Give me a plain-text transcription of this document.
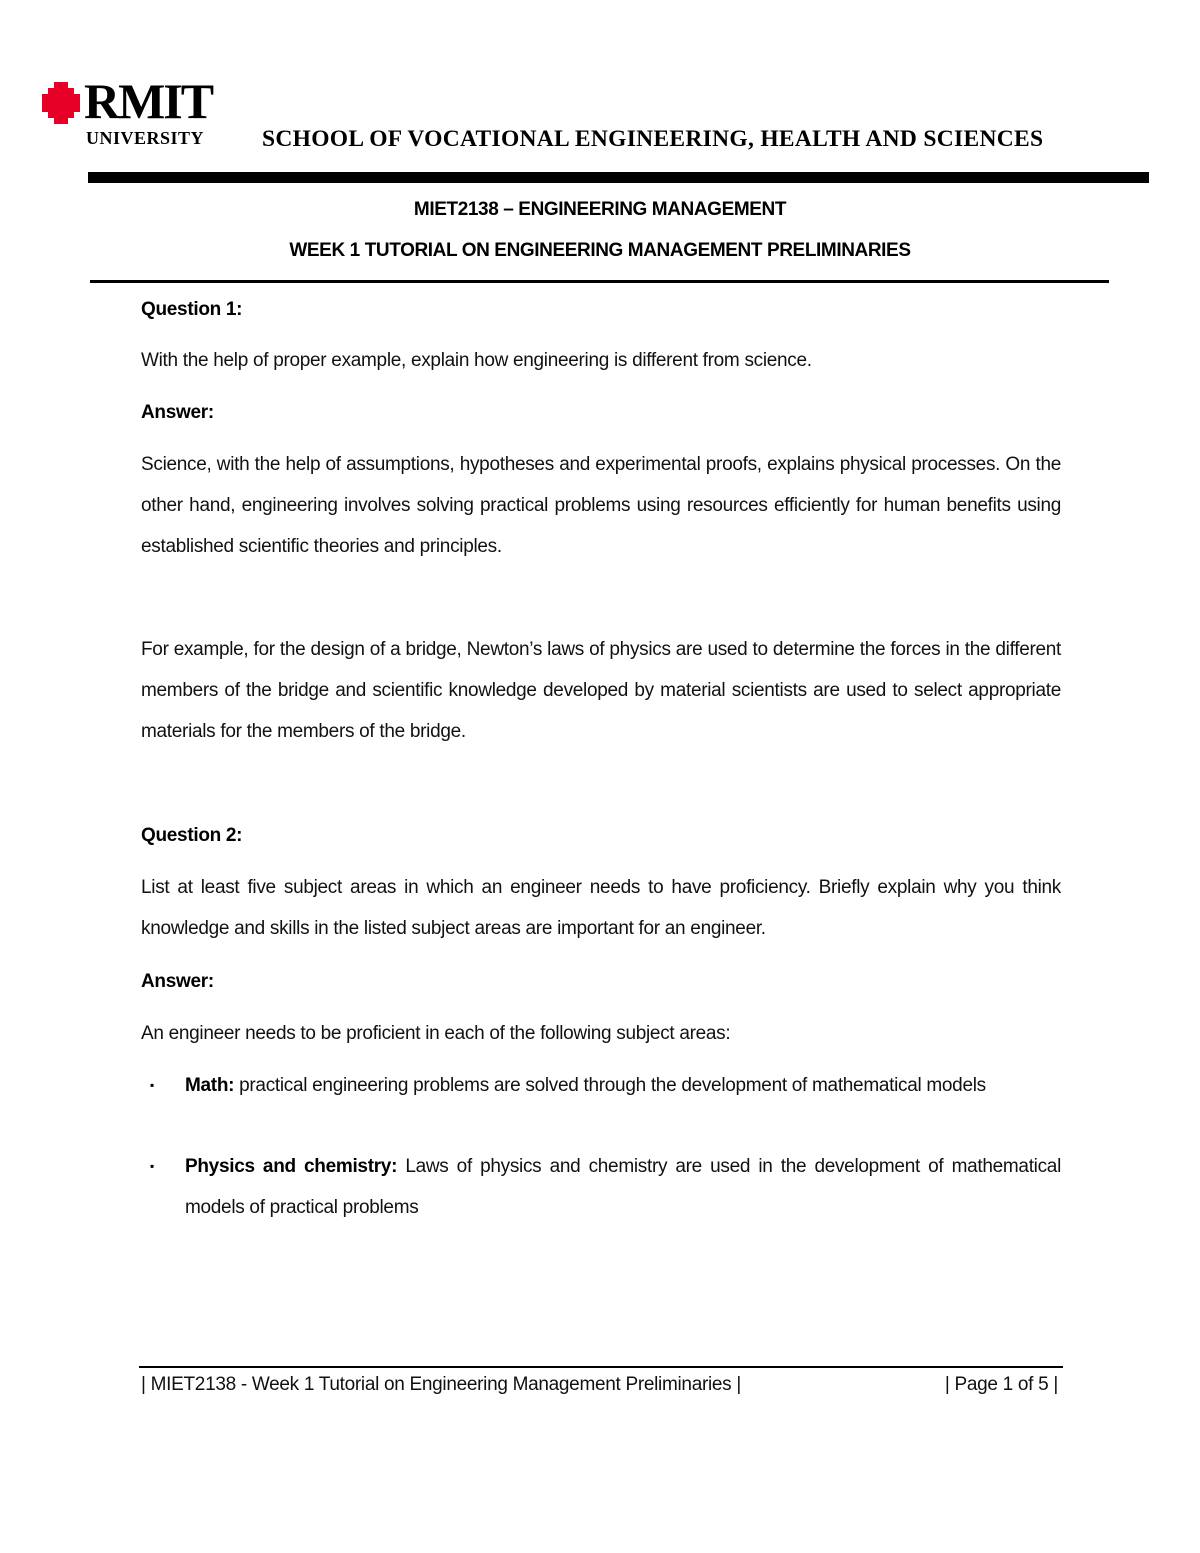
RMIT
UNIVERSITY SCHOOL OF VOCATIONAL ENGINEERING, HEALTH AND SCIENCES
MIET2138 – ENGINEERING MANAGEMENT
WEEK 1 TUTORIAL ON ENGINEERING MANAGEMENT PRELIMINARIES
Question 1:
With the help of proper example, explain how engineering is different from science.
Answer:
Science, with the help of assumptions, hypotheses and experimental proofs, explains physical processes. On the other hand, engineering involves solving practical problems using resources efficiently for human benefits using established scientific theories and principles.
For example, for the design of a bridge, Newton’s laws of physics are used to determine the forces in the different members of the bridge and scientific knowledge developed by material scientists are used to select appropriate materials for the members of the bridge.
Question 2:
List at least five subject areas in which an engineer needs to have proficiency. Briefly explain why you think knowledge and skills in the listed subject areas are important for an engineer.
Answer:
An engineer needs to be proficient in each of the following subject areas:
▪ Math: practical engineering problems are solved through the development of mathematical models
▪ Physics and chemistry: Laws of physics and chemistry are used in the development of mathematical models of practical problems
| MIET2138 - Week 1 Tutorial on Engineering Management Preliminaries |	| Page 1 of 5 |
